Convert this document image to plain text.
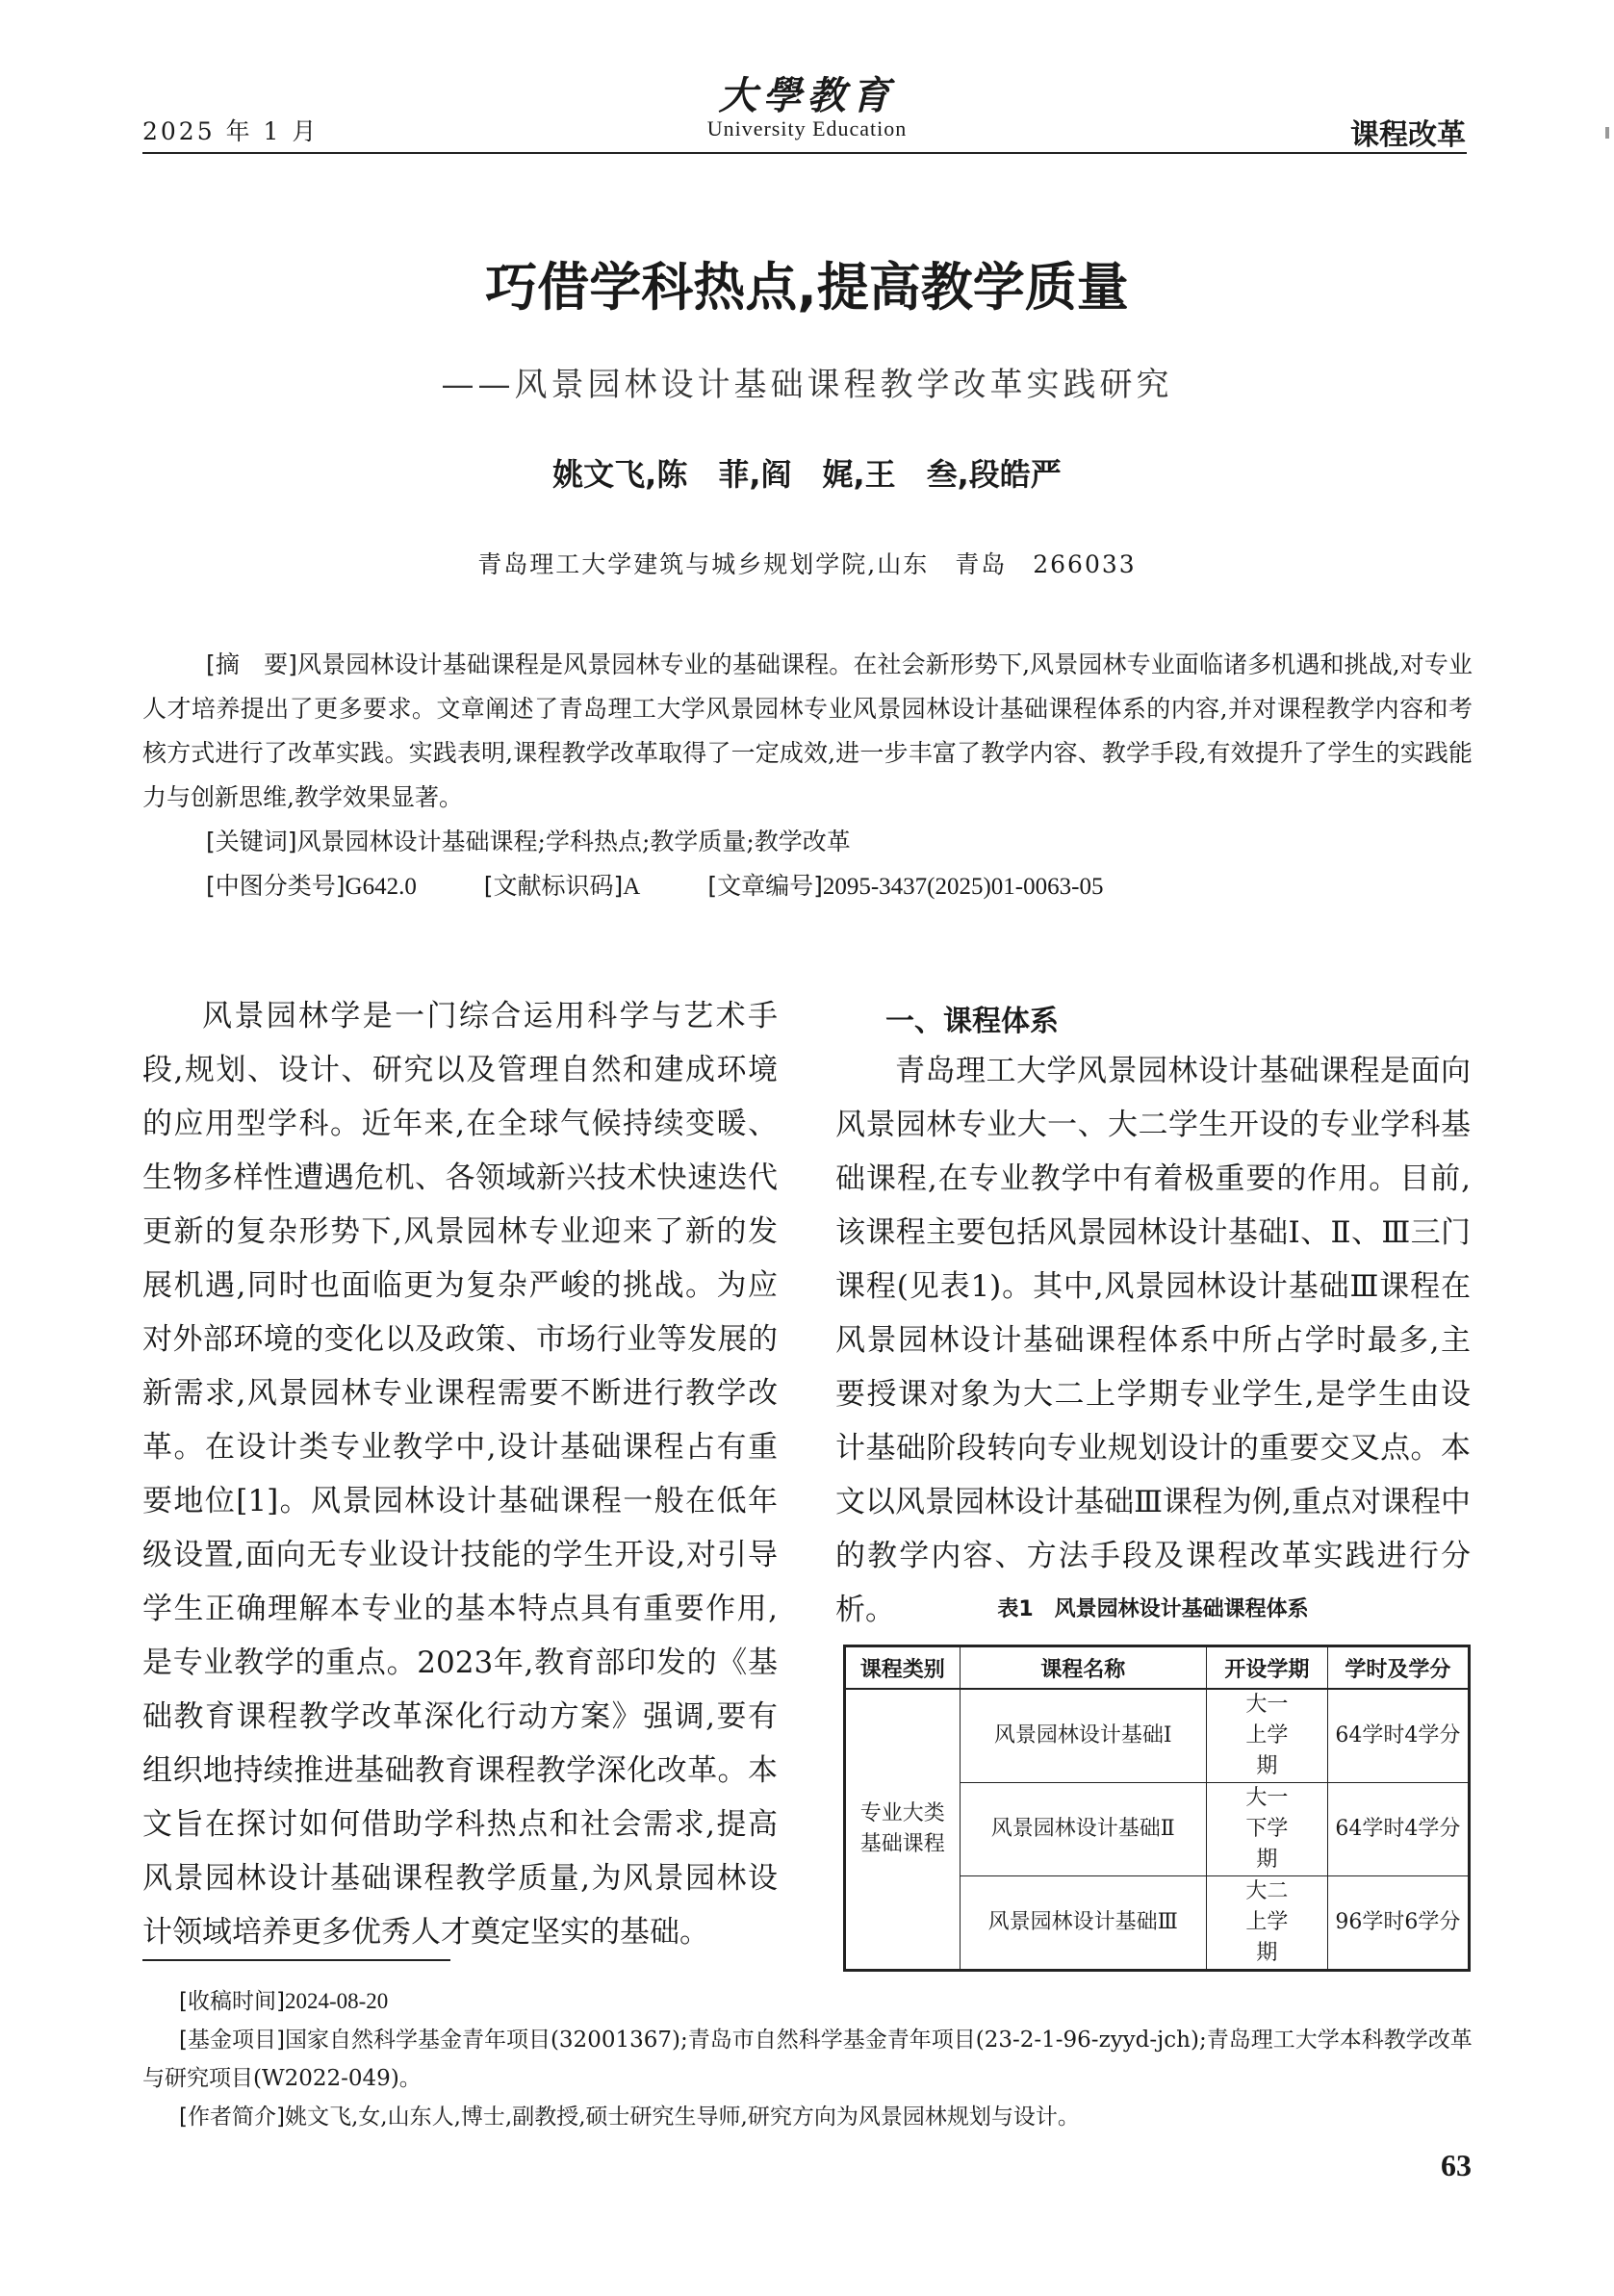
2025 年 1 月
大學教育
University Education	课程改革
巧借学科热点,提高教学质量
——风景园林设计基础课程教学改革实践研究
姚文飞,陈　菲,阎　娓,王　叁,段皓严
青岛理工大学建筑与城乡规划学院,山东　青岛　266033
[摘　要]风景园林设计基础课程是风景园林专业的基础课程。在社会新形势下,风景园林专业面临诸多机遇和挑战,对专业人才培养提出了更多要求。文章阐述了青岛理工大学风景园林专业风景园林设计基础课程体系的内容,并对课程教学内容和考核方式进行了改革实践。实践表明,课程教学改革取得了一定成效,进一步丰富了教学内容、教学手段,有效提升了学生的实践能力与创新思维,教学效果显著。
[关键词]风景园林设计基础课程;学科热点;教学质量;教学改革
[中图分类号]G642.0	[文献标识码]A	[文章编号]2095-3437(2025)01-0063-05
风景园林学是一门综合运用科学与艺术手段,规划、设计、研究以及管理自然和建成环境的应用型学科。近年来,在全球气候持续变暖、生物多样性遭遇危机、各领域新兴技术快速迭代更新的复杂形势下,风景园林专业迎来了新的发展机遇,同时也面临更为复杂严峻的挑战。为应对外部环境的变化以及政策、市场行业等发展的新需求,风景园林专业课程需要不断进行教学改革。在设计类专业教学中,设计基础课程占有重要地位[1]。风景园林设计基础课程一般在低年级设置,面向无专业设计技能的学生开设,对引导学生正确理解本专业的基本特点具有重要作用,是专业教学的重点。2023年,教育部印发的《基础教育课程教学改革深化行动方案》强调,要有组织地持续推进基础教育课程教学深化改革。本文旨在探讨如何借助学科热点和社会需求,提高风景园林设计基础课程教学质量,为风景园林设计领域培养更多优秀人才奠定坚实的基础。
一、课程体系
青岛理工大学风景园林设计基础课程是面向风景园林专业大一、大二学生开设的专业学科基础课程,在专业教学中有着极重要的作用。目前,该课程主要包括风景园林设计基础Ⅰ、Ⅱ、Ⅲ三门课程(见表1)。其中,风景园林设计基础Ⅲ课程在风景园林设计基础课程体系中所占学时最多,主要授课对象为大二上学期专业学生,是学生由设计基础阶段转向专业规划设计的重要交叉点。本文以风景园林设计基础Ⅲ课程为例,重点对课程中的教学内容、方法手段及课程改革实践进行分析。	表1　风景园林设计基础课程体系
课程类别	课程名称	开设学期	学时及学分
专业大类基础课程	风景园林设计基础Ⅰ	大一上学期	64学时4学分
	风景园林设计基础Ⅱ	大一下学期	64学时4学分
	风景园林设计基础Ⅲ	大二上学期	96学时6学分
[收稿时间]2024-08-20
[基金项目]国家自然科学基金青年项目(32001367);青岛市自然科学基金青年项目(23-2-1-96-zyyd-jch);青岛理工大学本科教学改革与研究项目(W2022-049)。
[作者简介]姚文飞,女,山东人,博士,副教授,硕士研究生导师,研究方向为风景园林规划与设计。
63
